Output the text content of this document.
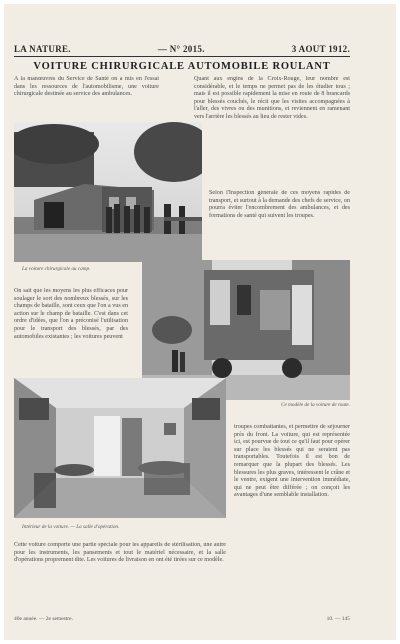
LA NATURE.	— N° 2015.	3 AOUT 1912.
VOITURE CHIRURGICALE AUTOMOBILE ROULANT

A la manœuvres du Service de Santé on a mis en l'essai dans les ressources de l'automobilisme, une voiture chirurgicale destinée au service des ambulances.

Quant aux engins de la Croix-Rouge, leur nombre est considérable, et le temps ne permet pas de les étudier tous ; mais il est possible rapidement la mise en route de 8 brancards pour blessés couchés, le récit que les visites accompagnées à l'aller, des vivres ou des munitions, et reviennent en ramenant vers l'arrière les blessés au lieu de rester vides.

La voiture chirurgicale au camp.

Selon l'Inspection générale de ces moyens rapides de transport, et surtout à la demande des chefs de service, on pourra éviter l'encombrement des ambulances, et des formations de santé qui suivent les troupes.

On sait que les moyens les plus efficaces pour soulager le sort des nombreux blessés, sur les champs de bataille, sont ceux que l'on a vus en action sur le champ de bataille. C'est dans cet ordre d'idées, que l'on a préconisé l'utilisation pour le transport des blessés, par des automobiles existantes ; les voitures peuvent

Ce modèle de la voiture de route.
Intérieur de la voiture. — La salle d'opération.

troupes combattantes, et permettre de séjourner près du front. La voiture, qui est représentée ici, est pourvue de tout ce qu'il faut pour opérer sur place les blessés qui ne seraient pas transportables. Toutefois il est bon de remarquer que la plupart des blessés. Les blessures les plus graves, intéressent le crâne et le ventre, exigent une intervention immédiate, qui ne peut être différée ; on conçoit les avantages d'une semblable installation.

Cette voiture comporte une partie spéciale pour les appareils de stérilisation, une autre pour les instruments, les pansements et tout le matériel nécessaire, et la salle d'opérations proprement dite. Les voitures de livraison en ont été tirées sur ce modèle.

40e année. — 2e semestre.	10. — 145
